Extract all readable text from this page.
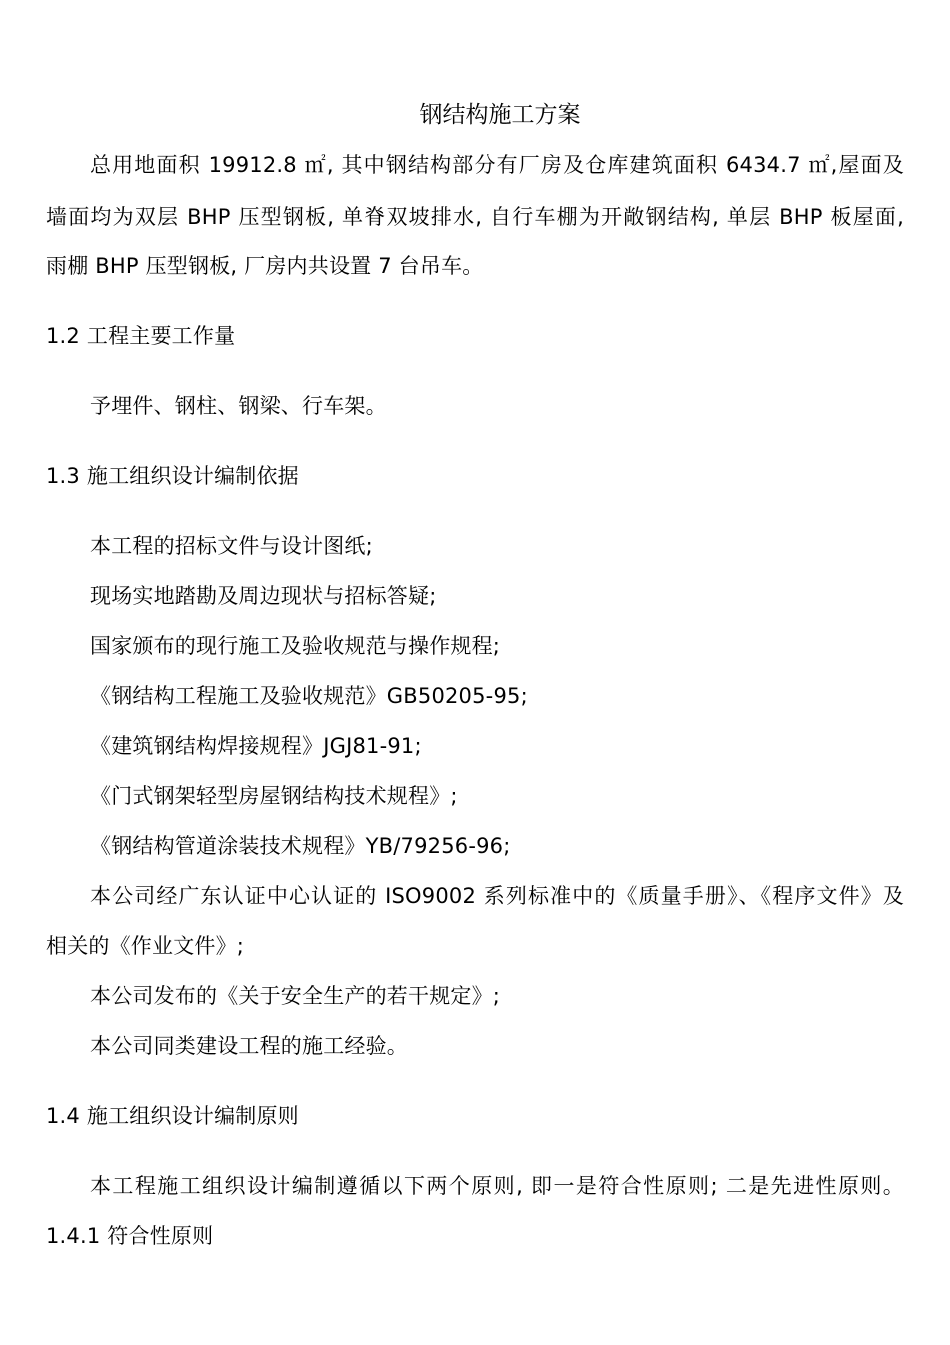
钢结构施工方案
总用地面积 19912.8 ㎡, 其中钢结构部分有厂房及仓库建筑面积 6434.7 ㎡,屋面及
墙面均为双层 BHP 压型钢板, 单脊双坡排水, 自行车棚为开敞钢结构, 单层 BHP 板屋面,
雨棚 BHP 压型钢板, 厂房内共设置 7 台吊车。
1.2 工程主要工作量
予埋件、钢柱、钢梁、行车架。
1.3 施工组织设计编制依据
本工程的招标文件与设计图纸;
现场实地踏勘及周边现状与招标答疑;
国家颁布的现行施工及验收规范与操作规程;
《钢结构工程施工及验收规范》GB50205-95;
《建筑钢结构焊接规程》JGJ81-91;
《门式钢架轻型房屋钢结构技术规程》;
《钢结构管道涂装技术规程》YB/79256-96;
本公司经广东认证中心认证的 ISO9002 系列标准中的《质量手册》、《程序文件》及
相关的《作业文件》;
本公司发布的《关于安全生产的若干规定》;
本公司同类建设工程的施工经验。
1.4 施工组织设计编制原则
本工程施工组织设计编制遵循以下两个原则, 即一是符合性原则; 二是先进性原则。
1.4.1 符合性原则
